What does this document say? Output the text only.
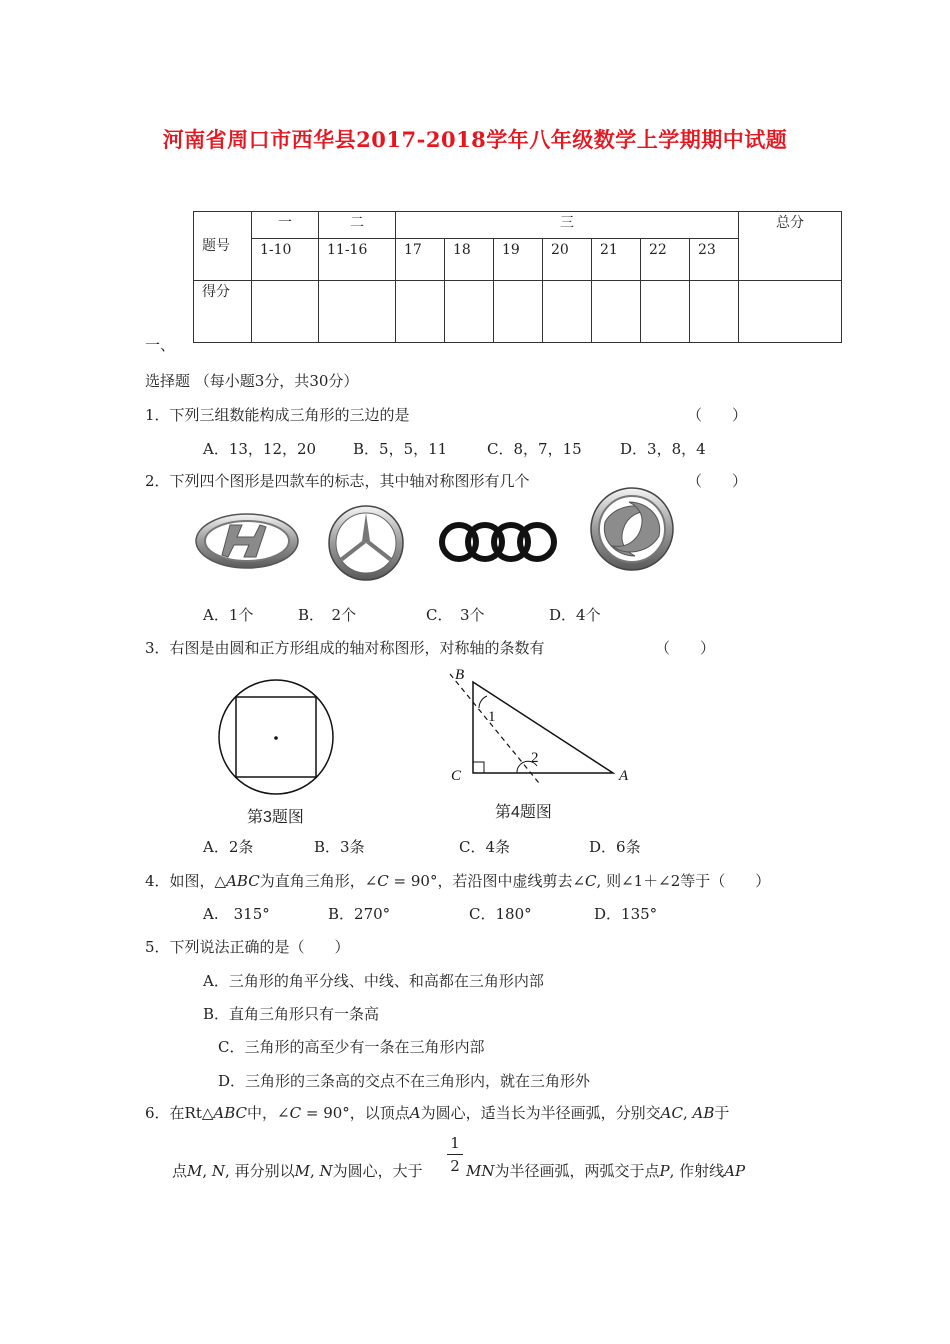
河南省周口市西华县2017-2018学年八年级数学上学期期中试题
题号	一	二	三							总分
	1-10	11-16	17	18	19	20	21	22	23	
得分										
一、
选择题 （每小题3分，共30分）
1．下列三组数能构成三角形的三边的是	（　　）
A．13，12，20 B．5，5，11	C．8，7，15	D．3，8，4
2．下列四个图形是四款车的标志，其中轴对称图形有几个	（　　）
A．1个	B．　2个	C．　3个	D．4个
3．右图是由圆和正方形组成的轴对称图形，对称轴的条数有	（　　）
第3题图
B
C	A
1
2
第4题图
A．2条	B．3条	C．4条	D．6条
4．如图，△ABC为直角三角形，∠C = 90°，若沿图中虚线剪去∠C, 则∠1＋∠2等于（　　）
A.　315°	B．270°	C．180°	D．135°
5．下列说法正确的是（　　）
A．三角形的角平分线、中线、和高都在三角形内部
B．直角三角形只有一条高
C．三角形的高至少有一条在三角形内部
D．三角形的三条高的交点不在三角形内，就在三角形外
6．在Rt△ABC中，∠C = 90°，以顶点A为圆心，适当长为半径画弧，分别交AC, AB于
点M, N, 再分别以M, N为圆心，大于
1
2 MN为半径画弧，两弧交于点P, 作射线AP
